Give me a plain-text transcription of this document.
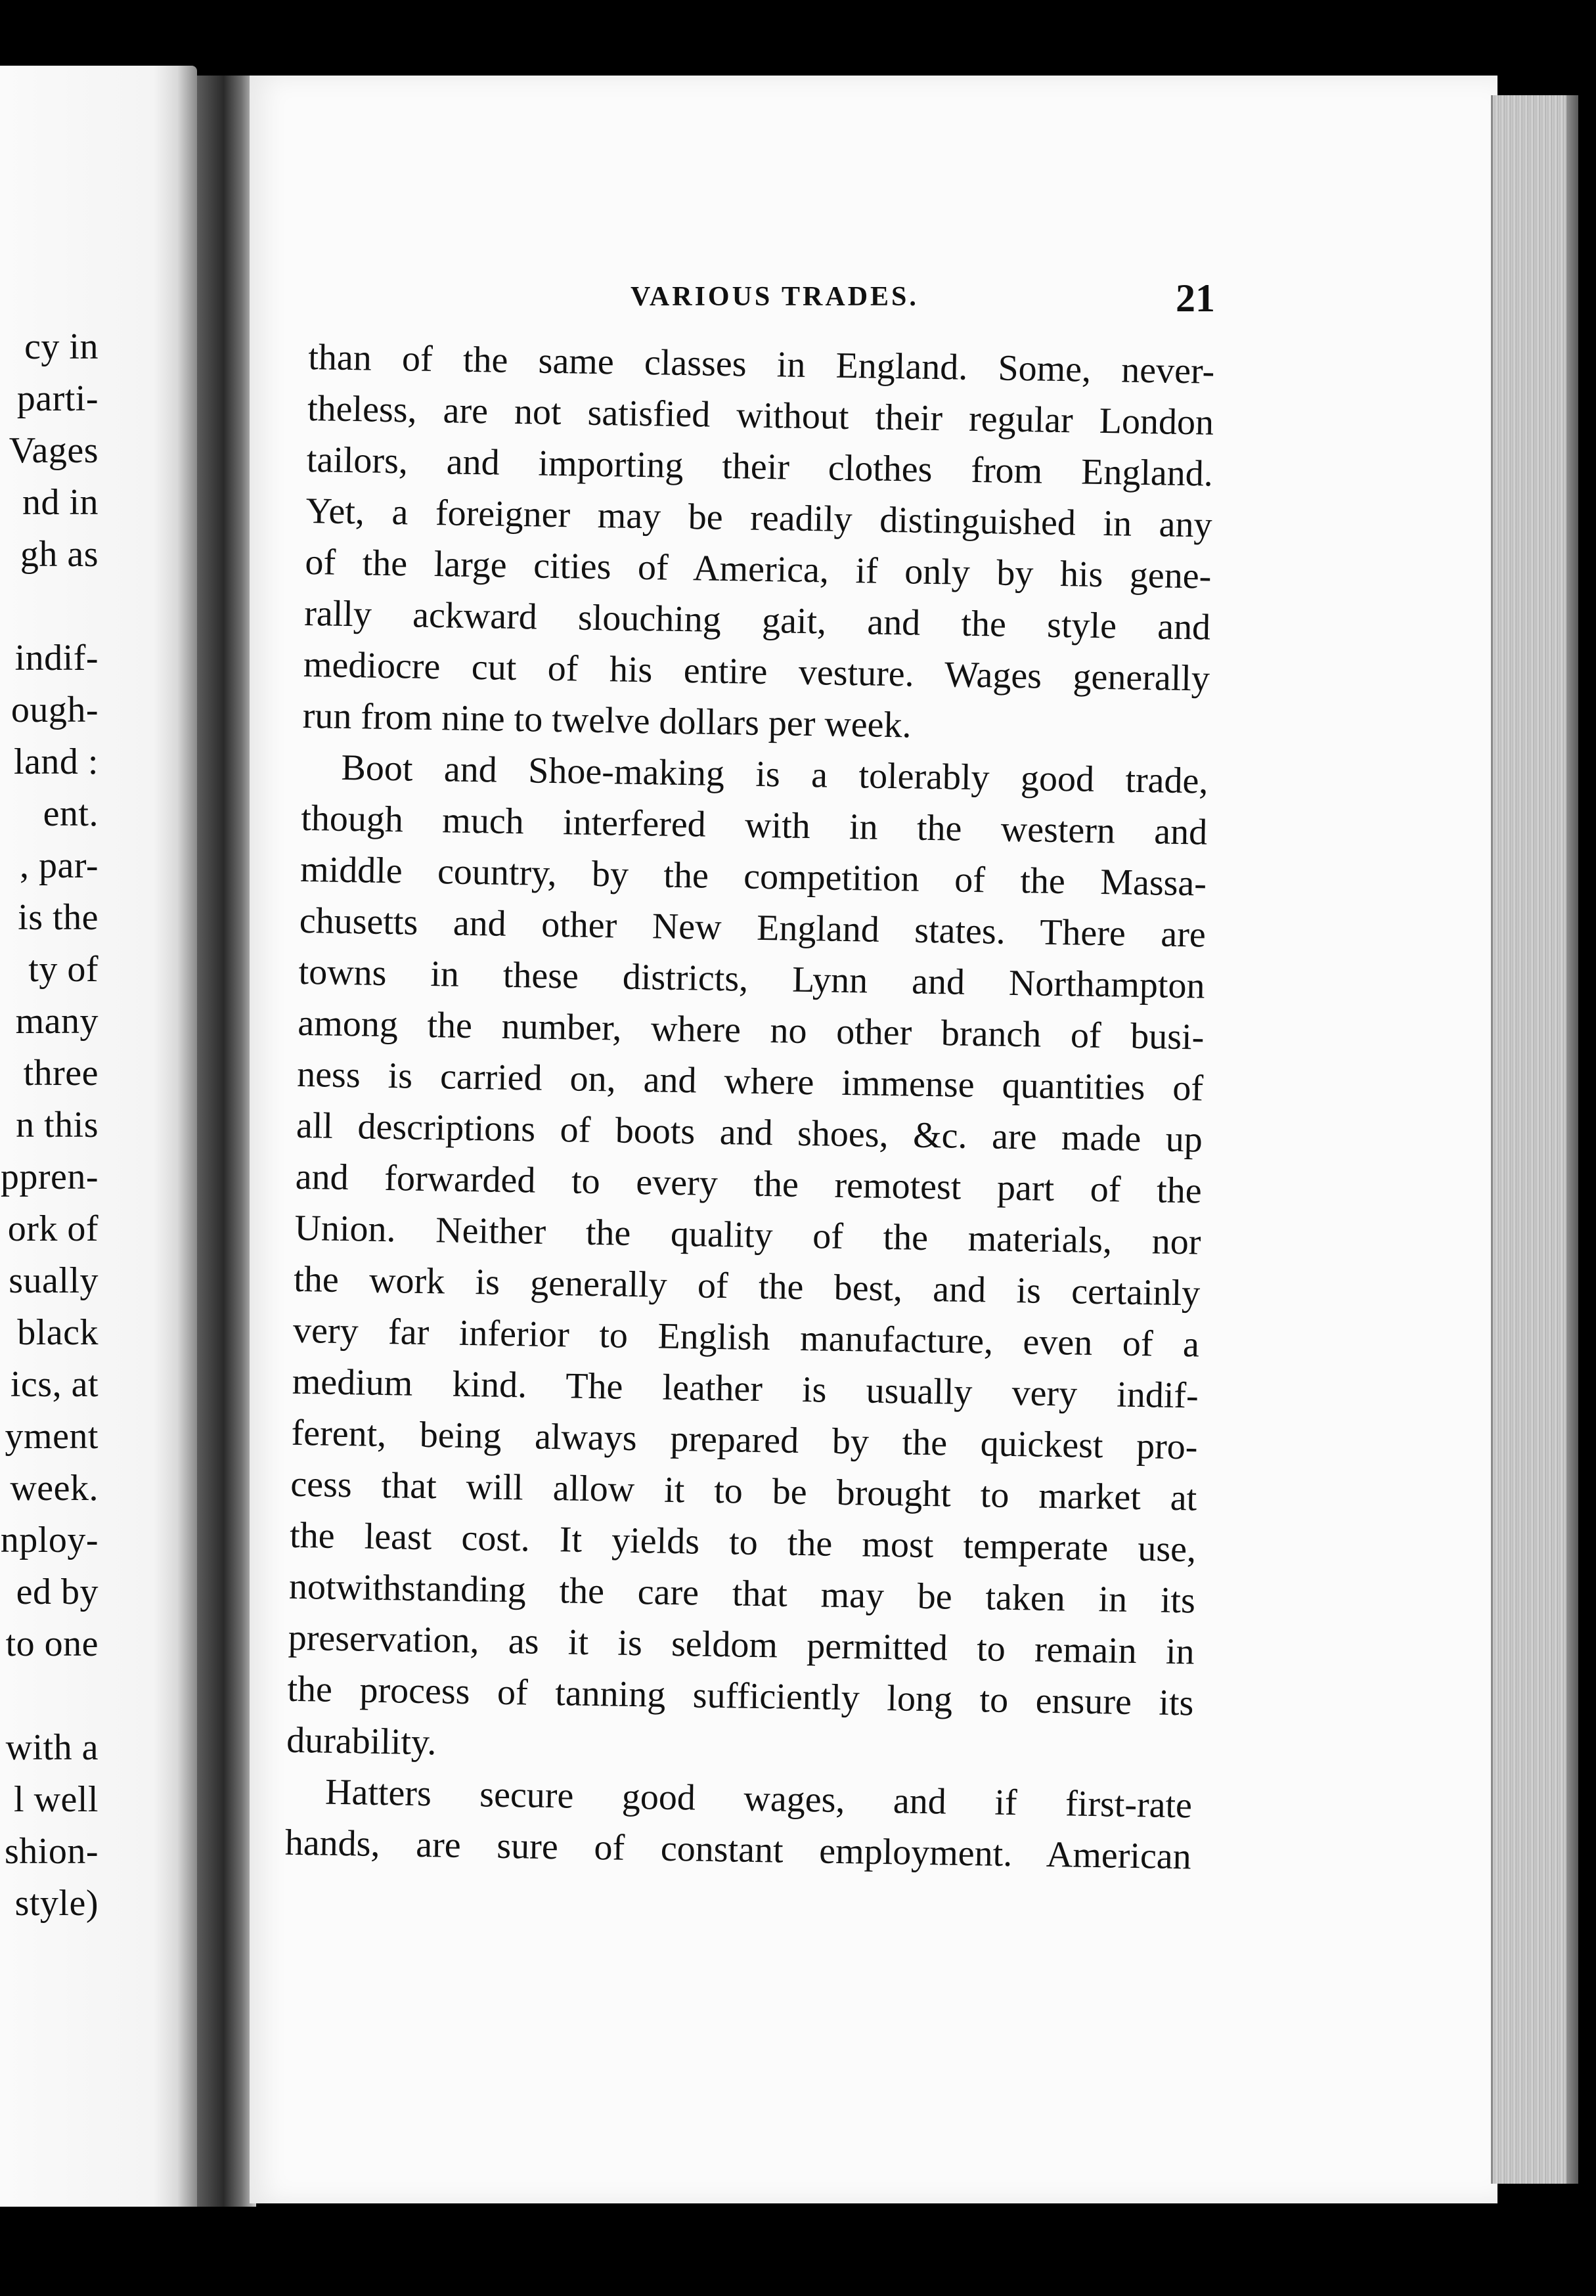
cy in
parti-
Vages
nd in
gh as
indif-
ough-
land :
ent.
, par-
is the
ty of
many
three
n this
ppren-
ork of
sually
black
ics, at
yment
week.
nploy-
ed by
to one
with a
l well
shion-
style)
VARIOUS TRADES.	21
than of the same classes in England. Some, never-
theless, are not satisfied without their regular London
tailors, and importing their clothes from England.
Yet, a foreigner may be readily distinguished in any
of the large cities of America, if only by his gene-
rally ackward slouching gait, and the style and
mediocre cut of his entire vesture. Wages generally
run from nine to twelve dollars per week.
Boot and Shoe-making is a tolerably good trade,
though much interfered with in the western and
middle country, by the competition of the Massa-
chusetts and other New England states. There are
towns in these districts, Lynn and Northampton
among the number, where no other branch of busi-
ness is carried on, and where immense quantities of
all descriptions of boots and shoes, &c. are made up
and forwarded to every the remotest part of the
Union. Neither the quality of the materials, nor
the work is generally of the best, and is certainly
very far inferior to English manufacture, even of a
medium kind. The leather is usually very indif-
ferent, being always prepared by the quickest pro-
cess that will allow it to be brought to market at
the least cost. It yields to the most temperate use,
notwithstanding the care that may be taken in its
preservation, as it is seldom permitted to remain in
the process of tanning sufficiently long to ensure its
durability.
Hatters secure good wages, and if first-rate
hands, are sure of constant employment. American
